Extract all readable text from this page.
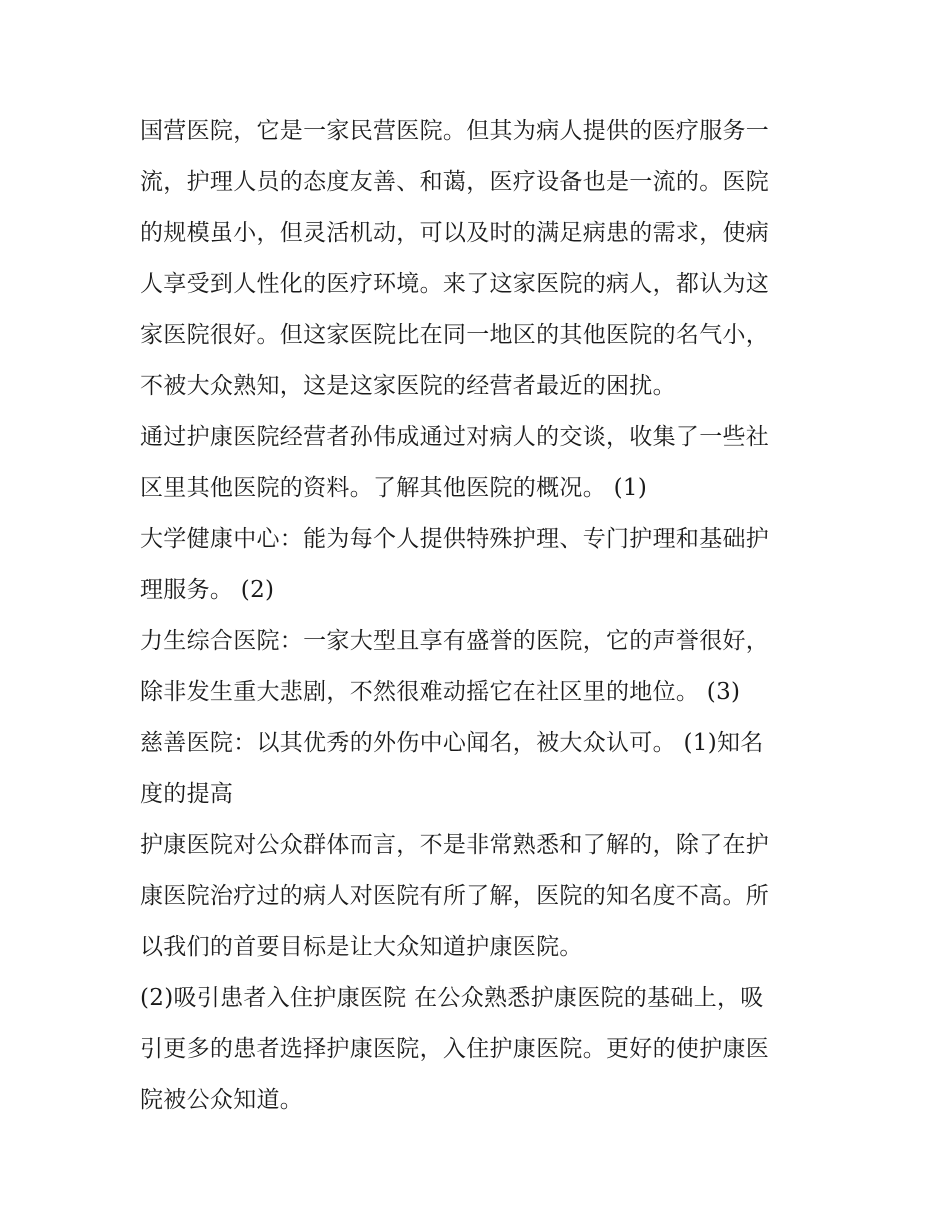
国营医院，它是一家民营医院。但其为病人提供的医疗服务一
流，护理人员的态度友善、和蔼，医疗设备也是一流的。医院
的规模虽小，但灵活机动，可以及时的满足病患的需求，使病
人享受到人性化的医疗环境。来了这家医院的病人，都认为这
家医院很好。但这家医院比在同一地区的其他医院的名气小，
不被大众熟知，这是这家医院的经营者最近的困扰。
通过护康医院经营者孙伟成通过对病人的交谈，收集了一些社
区里其他医院的资料。了解其他医院的概况。 (1)
大学健康中心：能为每个人提供特殊护理、专门护理和基础护
理服务。 (2)
力生综合医院：一家大型且享有盛誉的医院，它的声誉很好，
除非发生重大悲剧，不然很难动摇它在社区里的地位。 (3)
慈善医院：以其优秀的外伤中心闻名，被大众认可。 (1)知名
度的提高
护康医院对公众群体而言，不是非常熟悉和了解的，除了在护
康医院治疗过的病人对医院有所了解，医院的知名度不高。所
以我们的首要目标是让大众知道护康医院。
(2)吸引患者入住护康医院 在公众熟悉护康医院的基础上，吸
引更多的患者选择护康医院，入住护康医院。更好的使护康医
院被公众知道。
